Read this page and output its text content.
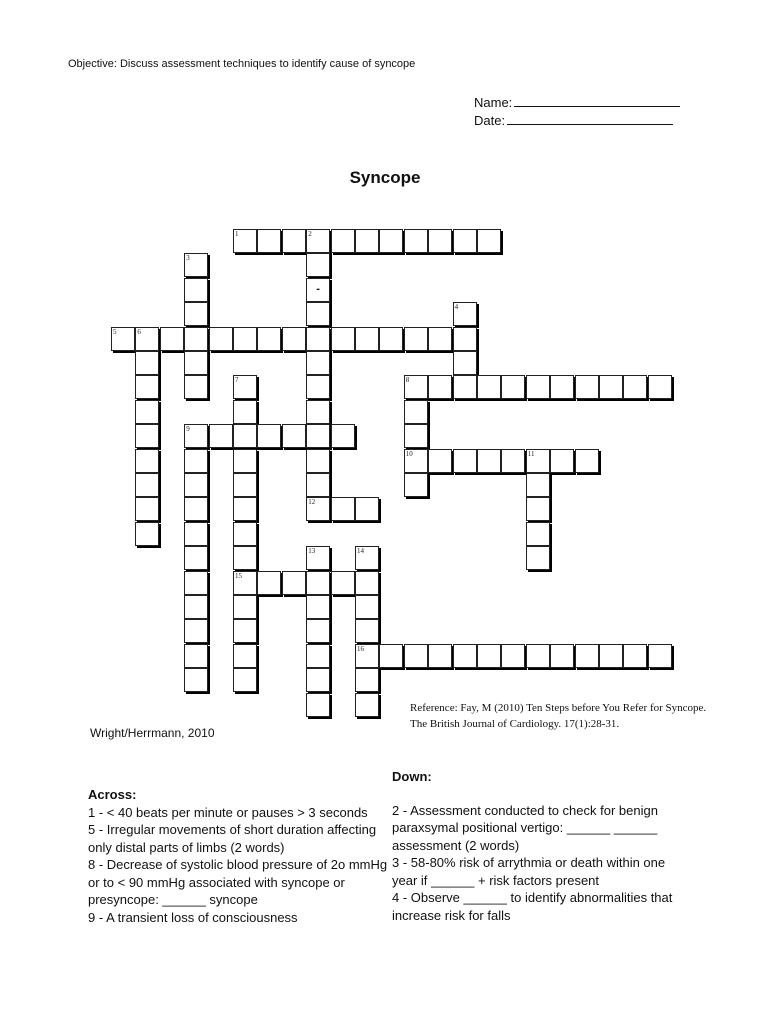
Objective: Discuss assessment techniques to identify cause of syncope
Name:
Date:
Syncope
1	2
5	6
8
9
10	11
12
15
16
-
3
4
7
13	14
Reference: Fay, M (2010) Ten Steps before You Refer for Syncope.
The British Journal of Cardiology. 17(1):28-31.
Wright/Herrmann, 2010
Down:

2 - Assessment conducted to check for benign paraxsymal positional vertigo: ______ ______ assessment (2 words)

3 - 58-80% risk of arrythmia or death within one year if ______ + risk factors present

4 - Observe ______ to identify abnormalities that increase risk for falls

Across:

1 - < 40 beats per minute or pauses > 3 seconds

5 - Irregular movements of short duration affecting only distal parts of limbs (2 words)

8 - Decrease of systolic blood pressure of 2o mmHg or to < 90 mmHg associated with syncope or presyncope: ______ syncope

9 - A transient loss of consciousness
